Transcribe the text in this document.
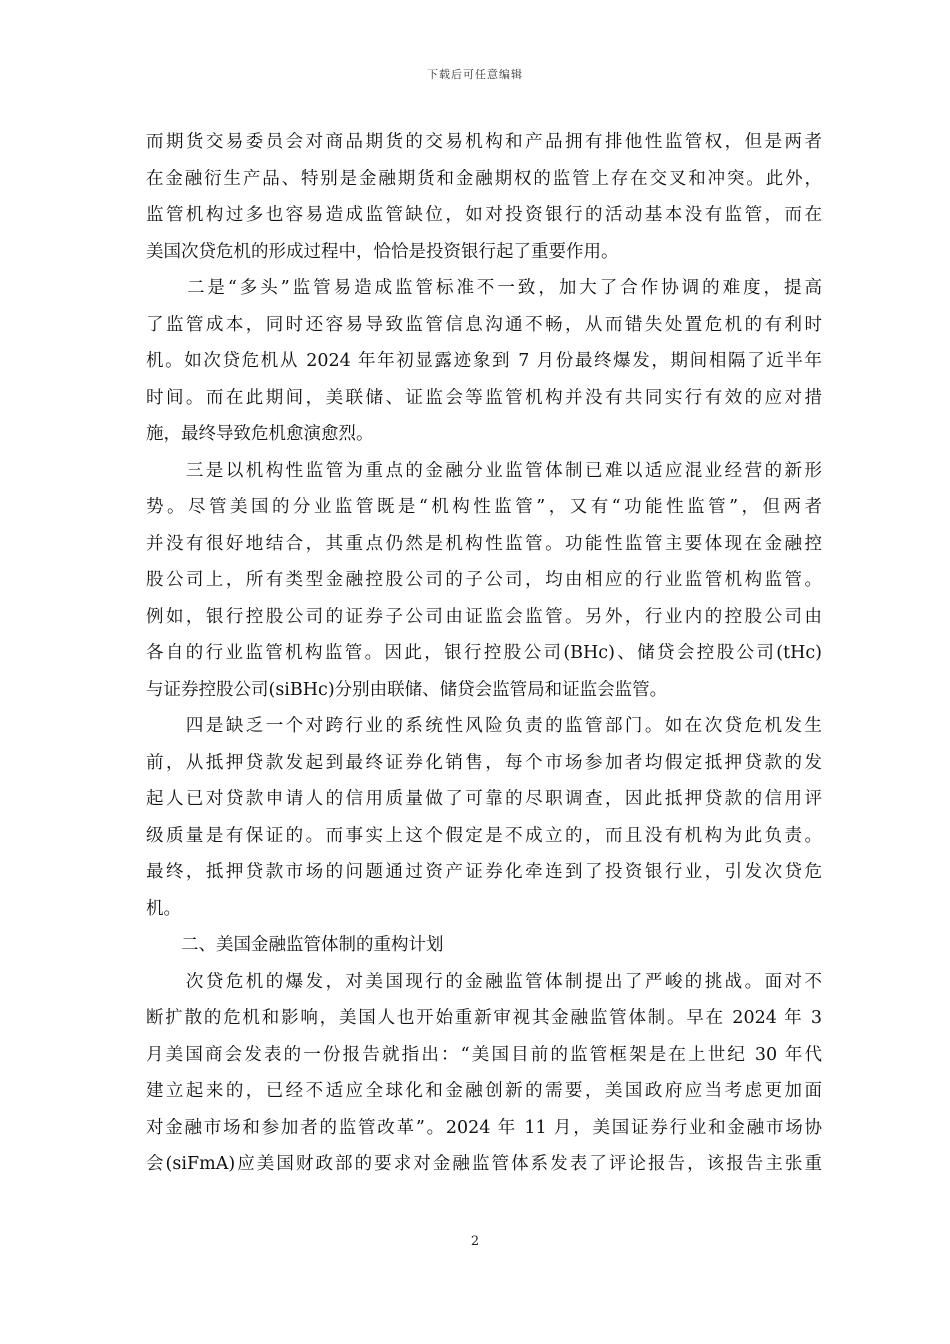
下载后可任意编辑
而期货交易委员会对商品期货的交易机构和产品拥有排他性监管权，但是两者
在金融衍生产品、特别是金融期货和金融期权的监管上存在交叉和冲突。此外，
监管机构过多也容易造成监管缺位，如对投资银行的活动基本没有监管，而在
美国次贷危机的形成过程中，恰恰是投资银行起了重要作用。
　　二是“多头”监管易造成监管标准不一致，加大了合作协调的难度，提高
了监管成本，同时还容易导致监管信息沟通不畅，从而错失处置危机的有利时
机。如次贷危机从 2024 年年初显露迹象到 7 月份最终爆发，期间相隔了近半年
时间。而在此期间，美联储、证监会等监管机构并没有共同实行有效的应对措
施，最终导致危机愈演愈烈。
　　三是以机构性监管为重点的金融分业监管体制已难以适应混业经营的新形
势。尽管美国的分业监管既是“机构性监管”，又有“功能性监管”，但两者
并没有很好地结合，其重点仍然是机构性监管。功能性监管主要体现在金融控
股公司上，所有类型金融控股公司的子公司，均由相应的行业监管机构监管。
例如，银行控股公司的证券子公司由证监会监管。另外，行业内的控股公司由
各自的行业监管机构监管。因此，银行控股公司(BHc)、储贷会控股公司(tHc)
与证券控股公司(siBHc)分别由联储、储贷会监管局和证监会监管。
　　四是缺乏一个对跨行业的系统性风险负责的监管部门。如在次贷危机发生
前，从抵押贷款发起到最终证券化销售，每个市场参加者均假定抵押贷款的发
起人已对贷款申请人的信用质量做了可靠的尽职调查，因此抵押贷款的信用评
级质量是有保证的。而事实上这个假定是不成立的，而且没有机构为此负责。
最终，抵押贷款市场的问题通过资产证券化牵连到了投资银行业，引发次贷危
机。
　　二、美国金融监管体制的重构计划
　　次贷危机的爆发，对美国现行的金融监管体制提出了严峻的挑战。面对不
断扩散的危机和影响，美国人也开始重新审视其金融监管体制。早在 2024 年 3
月美国商会发表的一份报告就指出：“美国目前的监管框架是在上世纪 30 年代
建立起来的，已经不适应全球化和金融创新的需要，美国政府应当考虑更加面
对金融市场和参加者的监管改革”。2024 年 11 月，美国证券行业和金融市场协
会(siFmA)应美国财政部的要求对金融监管体系发表了评论报告，该报告主张重
2
